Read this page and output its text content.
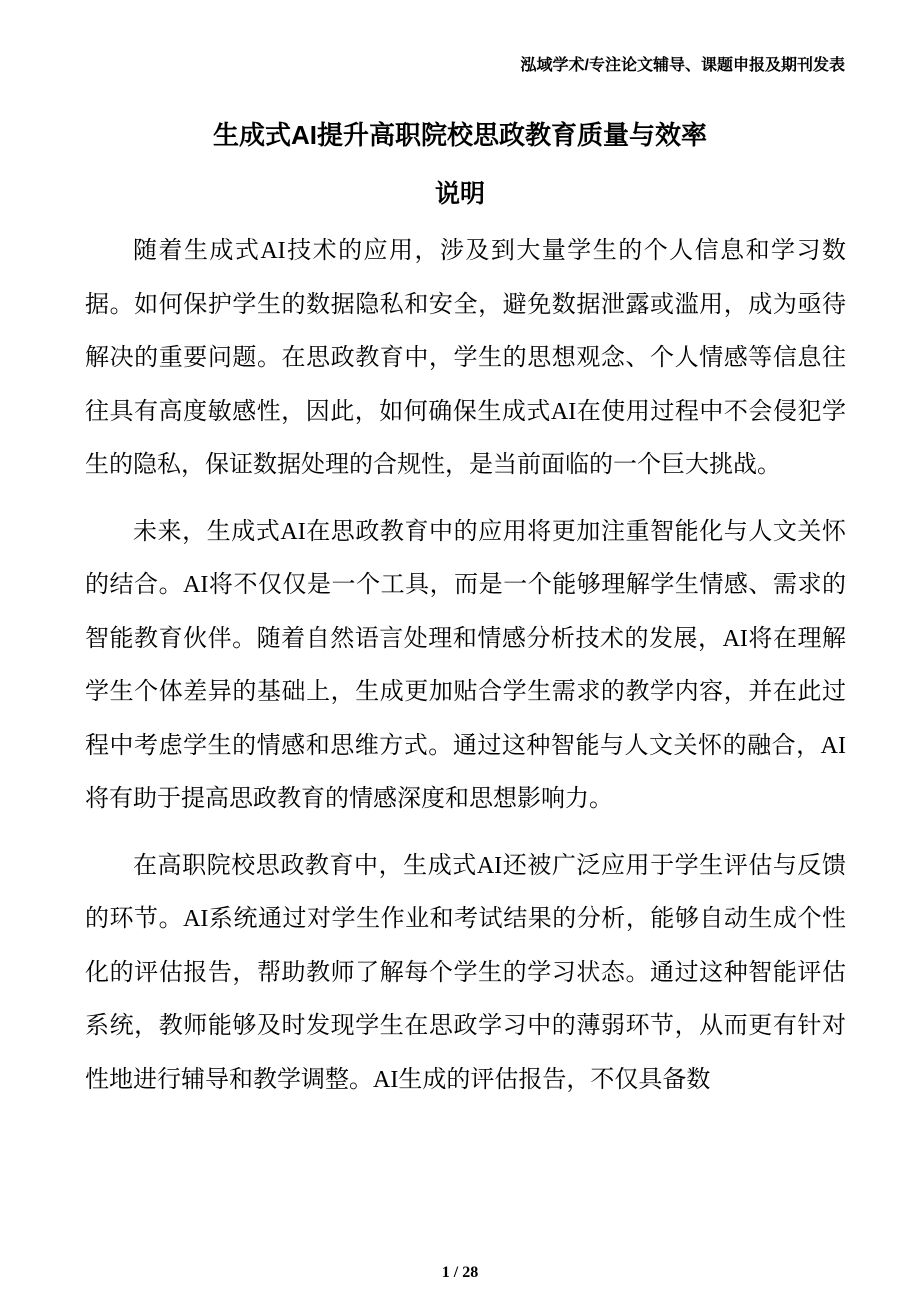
泓域学术/专注论文辅导、课题申报及期刊发表
生成式AI提升高职院校思政教育质量与效率
说明

随着生成式AI技术的应用，涉及到大量学生的个人信息和学习数据。如何保护学生的数据隐私和安全，避免数据泄露或滥用，成为亟待解决的重要问题。在思政教育中，学生的思想观念、个人情感等信息往往具有高度敏感性，因此，如何确保生成式AI在使用过程中不会侵犯学生的隐私，保证数据处理的合规性，是当前面临的一个巨大挑战。

未来，生成式AI在思政教育中的应用将更加注重智能化与人文关怀的结合。AI将不仅仅是一个工具，而是一个能够理解学生情感、需求的智能教育伙伴。随着自然语言处理和情感分析技术的发展，AI将在理解学生个体差异的基础上，生成更加贴合学生需求的教学内容，并在此过程中考虑学生的情感和思维方式。通过这种智能与人文关怀的融合，AI将有助于提高思政教育的情感深度和思想影响力。

在高职院校思政教育中，生成式AI还被广泛应用于学生评估与反馈的环节。AI系统通过对学生作业和考试结果的分析，能够自动生成个性化的评估报告，帮助教师了解每个学生的学习状态。通过这种智能评估系统，教师能够及时发现学生在思政学习中的薄弱环节，从而更有针对性地进行辅导和教学调整。AI生成的评估报告，不仅具备数

1 / 28
